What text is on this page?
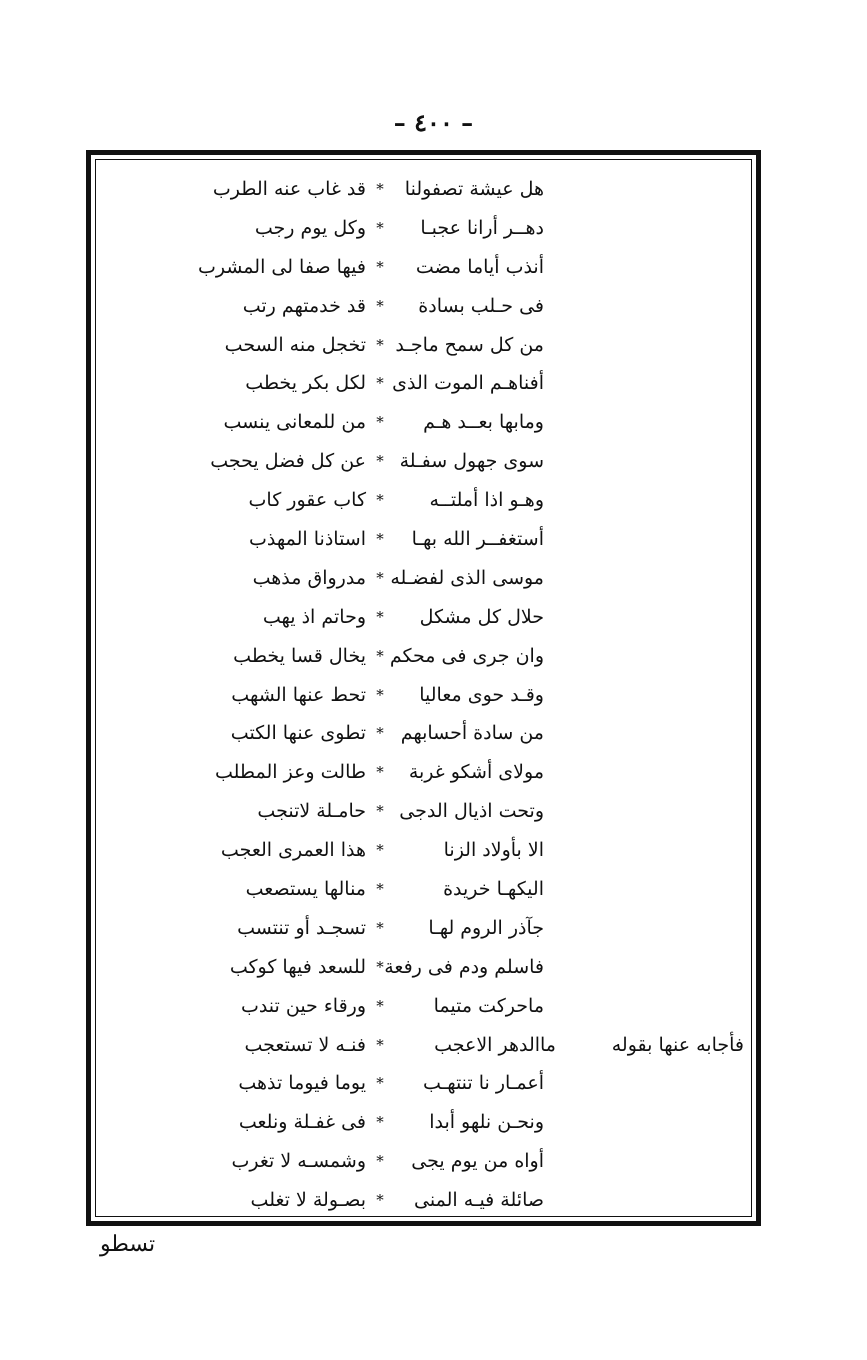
– ٤٠٠ –
هل عيشة تصفولنا
*
قد غاب عنه الطرب
دهــر أرانا عجبـا
*
وكل يوم رجب
أنذب أياما مضت
*
فيها صفا لى المشرب
فى حـلب بسادة
*
قد خدمتهم رتب
من كل سمح ماجـد
*
تخجل منه السحب
أفناهـم الموت الذى
*
لكل بكر يخطب
ومابها بعــد هـم
*
من للمعانى ينسب
سوى جهول سفـلة
*
عن كل فضل يحجب
وهـو اذا أملتــه
*
كاب عقور كاب
أستغفــر الله بهـا
*
استاذنا المهذب
موسى الذى لفضـله
*
مدرواق مذهب
حلال كل مشكل
*
وحاتم اذ يهب
وان جرى فى محكم
*
يخال قسا يخطب
وقـد حوى معاليا
*
تحط عنها الشهب
من سادة أحسابهم
*
تطوى عنها الكتب
مولاى أشكو غربة
*
طالت وعز المطلب
وتحت اذيال الدجى
*
حامـلة لاتنجب
الا بأولاد الزنا
*
هذا العمرى العجب
اليكهـا خريدة
*
منالها يستصعب
جآذر الروم لهـا
*
تسجـد أو تنتسب
فاسلم ودم فى رفعة
*
للسعد فيها كوكب
ماحركت متيما
*
ورقاء حين تندب
ماالدهر الاعجب
*
فنـه لا تستعجب	فأجابه عنها بقوله
أعمـار نا تنتهـب
*
يوما فيوما تذهب
ونحـن نلهو أبدا
*
فى غفـلة ونلعب
أواه من يوم يجى
*
وشمسـه لا تغرب
صائلة فيـه المنى
*
بصـولة لا تغلب
تسطو
